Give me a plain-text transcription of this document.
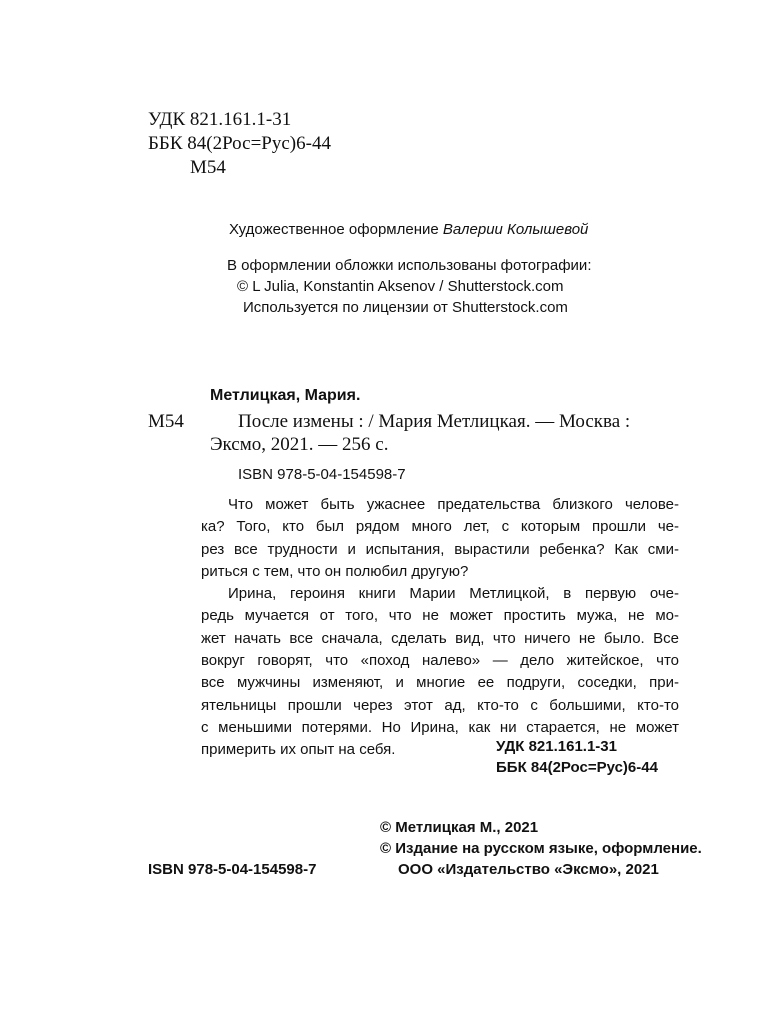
УДК 821.161.1-31
ББК 84(2Рос=Рус)6-44
М54
Художественное оформление Валерии Колышевой
В оформлении обложки использованы фотографии:
© L Julia, Konstantin Aksenov / Shutterstock.com
Используется по лицензии от Shutterstock.com
Метлицкая, Мария.
М54	После измены : / Мария Метлицкая. — Москва :
Эксмо, 2021. — 256 с.
ISBN 978-5-04-154598-7
Что может быть ужаснее предательства близкого челове-
ка? Того, кто был рядом много лет, с которым прошли че-
рез все трудности и испытания, вырастили ребенка? Как сми-
риться с тем, что он полюбил другую?
Ирина, героиня книги Марии Метлицкой, в первую оче-
редь мучается от того, что не может простить мужа, не мо-
жет начать все сначала, сделать вид, что ничего не было. Все
вокруг говорят, что «поход налево» — дело житейское, что
все мужчины изменяют, и многие ее подруги, соседки, при-
ятельницы прошли через этот ад, кто-то с большими, кто-то
с меньшими потерями. Но Ирина, как ни старается, не может
примерить их опыт на себя.	УДК 821.161.1-31
ББК 84(2Рос=Рус)6-44
© Метлицкая М., 2021
© Издание на русском языке, оформление.
ООО «Издательство «Эксмо», 2021
ISBN 978-5-04-154598-7
